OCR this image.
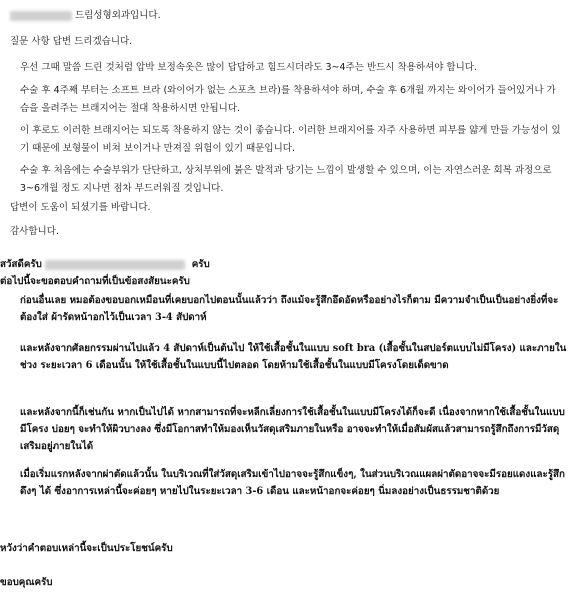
드림성형외과입니다.
질문 사항 답변 드리겠습니다.
우선 그때 말씀 드린 것처럼 압박 보정속옷은 많이 답답하고 힘드시더라도 3~4주는 반드시 착용하셔야 합니다.
수술 후 4주째 부터는 소프트 브라 (와이어가 없는 스포츠 브라)를 착용하셔야 하며, 수술 후 6개월 까지는 와이어가 들어있거나 가슴을 올려주는 브래지어는 절대 착용하시면 안됩니다.
이 후로도 이러한 브래지어는 되도록 착용하지 않는 것이 좋습니다. 이러한 브래지어를 자주 사용하면 피부를 얇게 만들 가능성이 있기 때문에 보형물이 비쳐 보이거나 만져질 위험이 있기 때문입니다.
수술 후 처음에는 수술부위가 단단하고, 상처부위에 붉은 발적과 당기는 느낌이 발생할 수 있으며, 이는 자연스러운 회복 과정으로 3~6개월 정도 지나면 점차 부드러워질 것입니다.
답변이 도움이 되셨기를 바랍니다.
감사합니다.
สวัสดีครับ	ครับ
ต่อไปนี้จะขอตอบคำถามที่เป็นข้อสงสัยนะครับ
ก่อนอื่นเลย หมอต้องขอบอกเหมือนที่เคยบอกไปตอนนั้นแล้วว่า ถึงแม้จะรู้สึกอึดอัดหรืออย่างไรก็ตาม มีความจำเป็นเป็นอย่างยิ่งที่จะต้องใส่ ผ้ารัดหน้าอกไว้เป็นเวลา 3-4 สัปดาห์
และหลังจากศัลยกรรมผ่านไปแล้ว 4 สัปดาห์เป็นต้นไป ให้ใช้เสื้อชั้นในแบบ soft bra (เสื้อชั้นในสปอร์ตแบบไม่มีโครง) และภายในช่วง ระยะเวลา 6 เดือนนั้น ให้ใช้เสื้อชั้นในแบบนี้ไปตลอด โดยห้ามใช้เสื้อชั้นในแบบมีโครงโดยเด็ดขาด
และหลังจากนี้ก็เช่นกัน หากเป็นไปได้ หากสามารถที่จะหลีกเลี่ยงการใช้เสื้อชั้นในแบบมีโครงได้ก็จะดี เนื่องจากหากใช้เสื้อชั้นในแบบมีโครง บ่อยๆ จะทำให้ผิวบางลง ซึ่งมีโอกาสทำให้มองเห็นวัสดุเสริมภายในหรือ อาจจะทำให้เมื่อสัมผัสแล้วสามารถรู้สึกถึงการมีวัสดุเสริมอยู่ภายในได้
เมื่อเริ่มแรกหลังจากผ่าตัดแล้วนั้น ในบริเวณที่ใส่วัสดุเสริมเข้าไปอาจจะรู้สึกแข็งๆ, ในส่วนบริเวณแผลผ่าตัดอาจจะมีรอยแดงและรู้สึกดึงๆ ได้ ซึ่งอาการเหล่านี้จะค่อยๆ หายไปในระยะเวลา 3-6 เดือน และหน้าอกจะค่อยๆ นิ่มลงอย่างเป็นธรรมชาติด้วย
หวังว่าคำตอบเหล่านี้จะเป็นประโยชน์ครับ
ขอบคุณครับ
